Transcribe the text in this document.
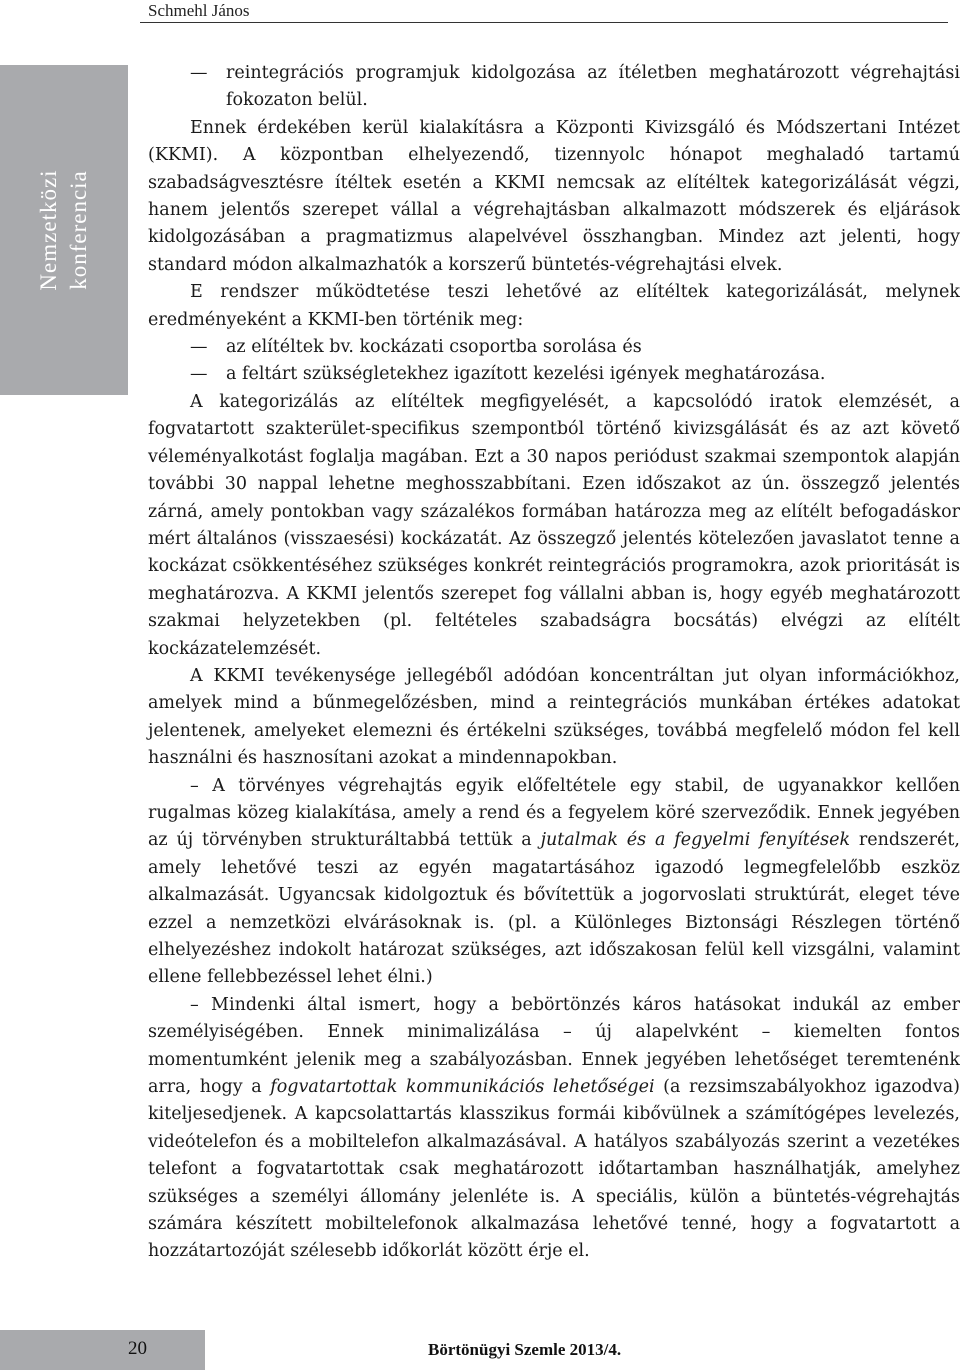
Schmehl János
Nemzetközi konferencia
—	reintegrációs programjuk kidolgozása az ítéletben meghatározott végrehajtási fokozaton belül.

Ennek érdekében kerül kialakításra a Központi Kivizsgáló és Módszertani Intézet (KKMI). A központban elhelyezendő, tizennyolc hónapot meghaladó tartamú szabadságvesztésre ítéltek esetén a KKMI nemcsak az elítéltek kategorizálását végzi, hanem jelentős szerepet vállal a végrehajtásban alkalmazott módszerek és eljárások kidolgozásában a pragmatizmus alapelvével összhangban. Mindez azt jelenti, hogy standard módon alkalmazhatók a korszerű büntetés-végrehajtási elvek.

E rendszer működtetése teszi lehetővé az elítéltek kategorizálását, melynek eredményeként a KKMI-ben történik meg:

—	az elítéltek bv. kockázati csoportba sorolása és
—	a feltárt szükségletekhez igazított kezelési igények meghatározása.

A kategorizálás az elítéltek megfigyelését, a kapcsolódó iratok elemzését, a fogvatartott szakterület-specifikus szempontból történő kivizsgálását és az azt követő véleményalkotást foglalja magában. Ezt a 30 napos periódust szakmai szempontok alapján további 30 nappal lehetne meghosszabbítani. Ezen időszakot az ún. összegző jelentés zárná, amely pontokban vagy százalékos formában határozza meg az elítélt befogadáskor mért általános (visszaesési) kockázatát. Az összegző jelentés kötelezően javaslatot tenne a kockázat csökkentéséhez szükséges konkrét reintegrációs programokra, azok prioritását is meghatározva. A KKMI jelentős szerepet fog vállalni abban is, hogy egyéb meghatározott szakmai helyzetekben (pl. feltételes szabadságra bocsátás) elvégzi az elítélt kockázatelemzését.

A KKMI tevékenysége jellegéből adódóan koncentráltan jut olyan információkhoz, amelyek mind a bűnmegelőzésben, mind a reintegrációs munkában értékes adatokat jelentenek, amelyeket elemezni és értékelni szükséges, továbbá megfelelő módon fel kell használni és hasznosítani azokat a mindennapokban.

– A törvényes végrehajtás egyik előfeltétele egy stabil, de ugyanakkor kellően rugalmas közeg kialakítása, amely a rend és a fegyelem köré szerveződik. Ennek jegyében az új törvényben strukturáltabbá tettük a jutalmak és a fegyelmi fenyítések rendszerét, amely lehetővé teszi az egyén magatartásához igazodó legmegfelelőbb eszköz alkalmazását. Ugyancsak kidolgoztuk és bővítettük a jogorvoslati struktúrát, eleget téve ezzel a nemzetközi elvárásoknak is. (pl. a Különleges Biztonsági Részlegen történő elhelyezéshez indokolt határozat szükséges, azt időszakosan felül kell vizsgálni, valamint ellene fellebbezéssel lehet élni.)

– Mindenki által ismert, hogy a bebörtönzés káros hatásokat indukál az ember személyiségében. Ennek minimalizálása – új alapelvként – kiemelten fontos momentumként jelenik meg a szabályozásban. Ennek jegyében lehetőséget teremtenénk arra, hogy a fogvatartottak kommunikációs lehetőségei (a rezsimszabályokhoz igazodva) kiteljesedjenek. A kapcsolattartás klasszikus formái kibővülnek a számítógépes levelezés, videótelefon és a mobiltelefon alkalmazásával. A hatályos szabályozás szerint a vezetékes telefont a fogvatartottak csak meghatározott időtartamban használhatják, amelyhez szükséges a személyi állomány jelenléte is. A speciális, külön a büntetés-végrehajtás számára készített mobiltelefonok alkalmazása lehetővé tenné, hogy a fogvatartott a hozzátartozóját szélesebb időkorlát között érje el.

20	Börtönügyi Szemle 2013/4.
